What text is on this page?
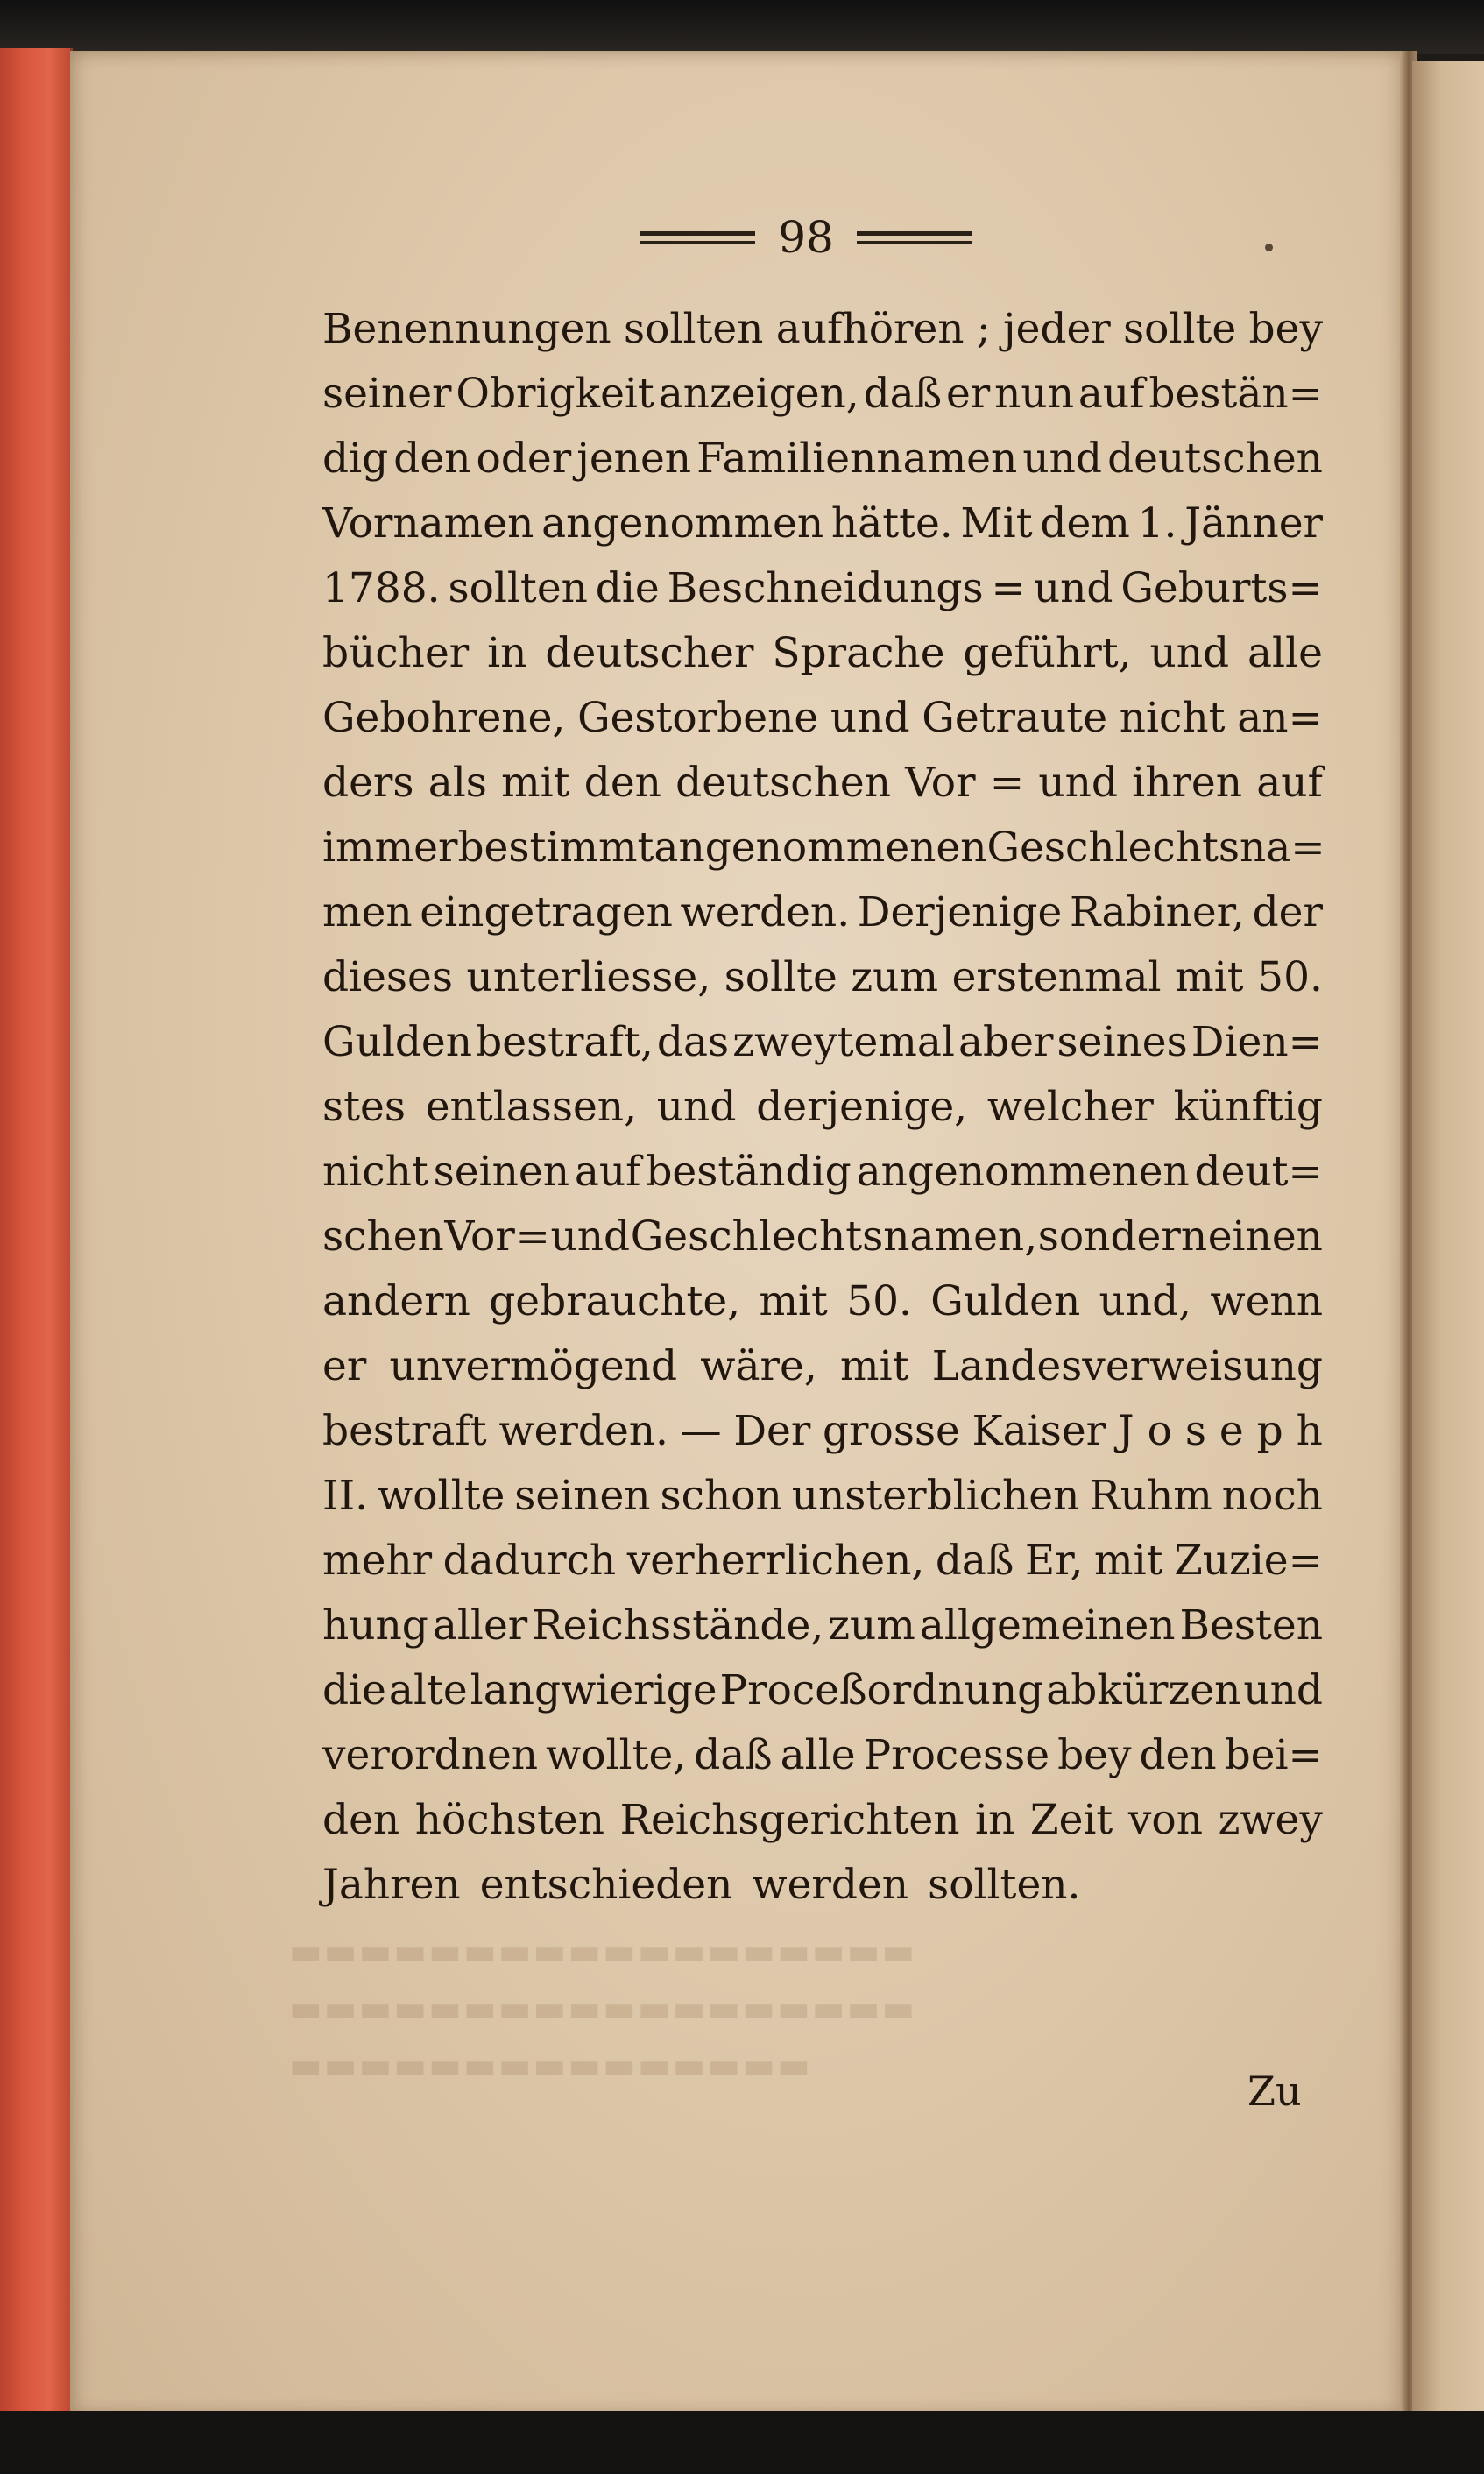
▬▬▬▬▬▬▬▬▬▬▬▬▬▬▬▬▬▬
▬▬▬▬▬▬▬▬▬▬▬▬▬▬▬▬▬▬
▬▬▬▬▬▬▬▬▬▬▬▬▬▬▬
98
Benennungen sollten aufhören ; jeder sollte bey
seiner Obrigkeit anzeigen, daß er nun auf bestän=
dig den oder jenen Familiennamen und deutschen
Vornamen angenommen hätte. Mit dem 1. Jänner
1788. sollten die Beschneidungs = und Geburts=
bücher in deutscher Sprache geführt, und alle
Gebohrene, Gestorbene und Getraute nicht an=
ders als mit den deutschen Vor = und ihren auf
immer bestimmt angenommenen Geschlechtsna=
men eingetragen werden. Derjenige Rabiner, der
dieses unterliesse, sollte zum erstenmal mit 50.
Gulden bestraft, das zweytemal aber seines Dien=
stes entlassen, und derjenige, welcher künftig
nicht seinen auf beständig angenommenen deut=
schen Vor = und Geschlechtsnamen, sondern einen
andern gebrauchte, mit 50. Gulden und, wenn
er unvermögend wäre, mit Landesverweisung
bestraft werden. — Der grosse Kaiser J o s e p h
II. wollte seinen schon unsterblichen Ruhm noch
mehr dadurch verherrlichen, daß Er, mit Zuzie=
hung aller Reichsstände, zum allgemeinen Besten
die alte langwierige Proceßordnung abkürzen und
verordnen wollte, daß alle Processe bey den bei=
den höchsten Reichsgerichten in Zeit von zwey
Jahren entschieden werden sollten.
Zu
